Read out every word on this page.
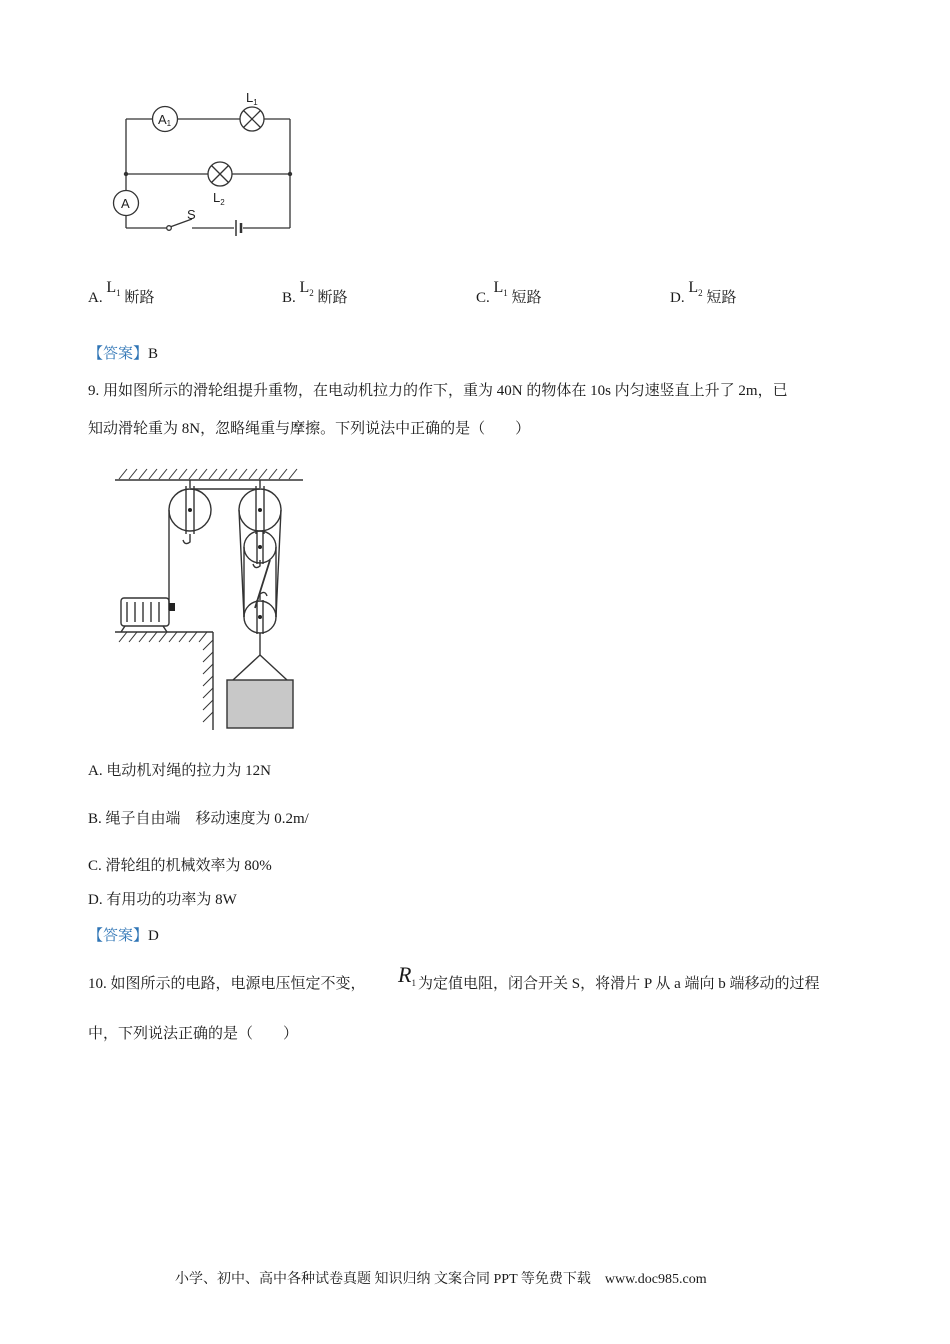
A1
A
$L_1$
$L_2$
S
A. $L^1$ 断路	B. $L^2$ 断路	C. $L^1$ 短路	D. $L^2$ 短路
【答案】B
9. 用如图所示的滑轮组提升重物，在电动机拉力的作下，重为 40N 的物体在 10s 内匀速竖直上升了 2m，已
知动滑轮重为 8N，忽略绳重与摩擦。下列说法中正确的是（　　）
A. 电动机对绳的拉力为 12N
B. 绳子自由端　移动速度为 0.2m/
C. 滑轮组的机械效率为 80%
D. 有用功的功率为 8W
【答案】D
10. 如图所示的电路，电源电压恒定不变， R1 为定值电阻，闭合开关 S，将滑片 P 从 a 端向 b 端移动的过程
中，下列说法正确的是（　　）
小学、初中、高中各种试卷真题 知识归纳 文案合同 PPT 等免费下载　www.doc985.com
